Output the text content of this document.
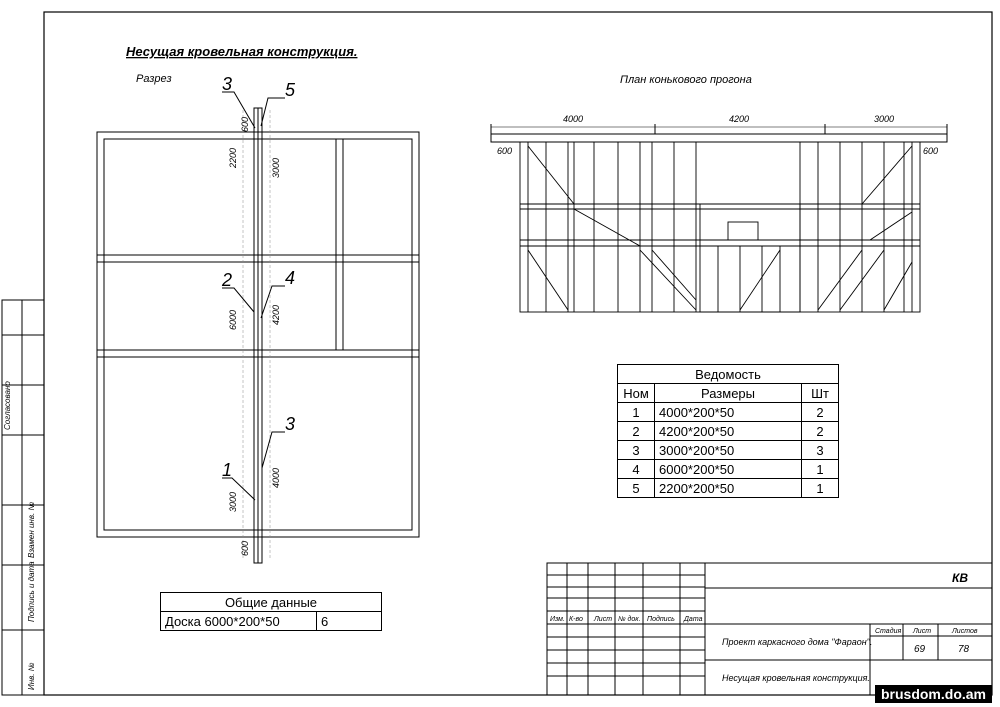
Согласовано
Взамен инв. №
Подпись и дата
Инв. №
Несущая кровельная конструкция.
Разрез	3	5
2	4
3
1
600
2200	3000
6000	4200
3000
4000
600
План конькового прогона
4000	4200	3000
600	600
КВ
Изм. К-во Лист № док. Подпись Дата
Проект каркасного дома "Фараон".
Несущая кровельная конструкция.
Стадия Лист	Листов
69	78
Ведомость		
Ном	Размеры	Шт
1	4000*200*50	2
2	4200*200*50	2
3	3000*200*50	3
4	6000*200*50	1
5	2200*200*50	1
Общие данные
Доска 6000*200*50	6
brusdom.do.am
